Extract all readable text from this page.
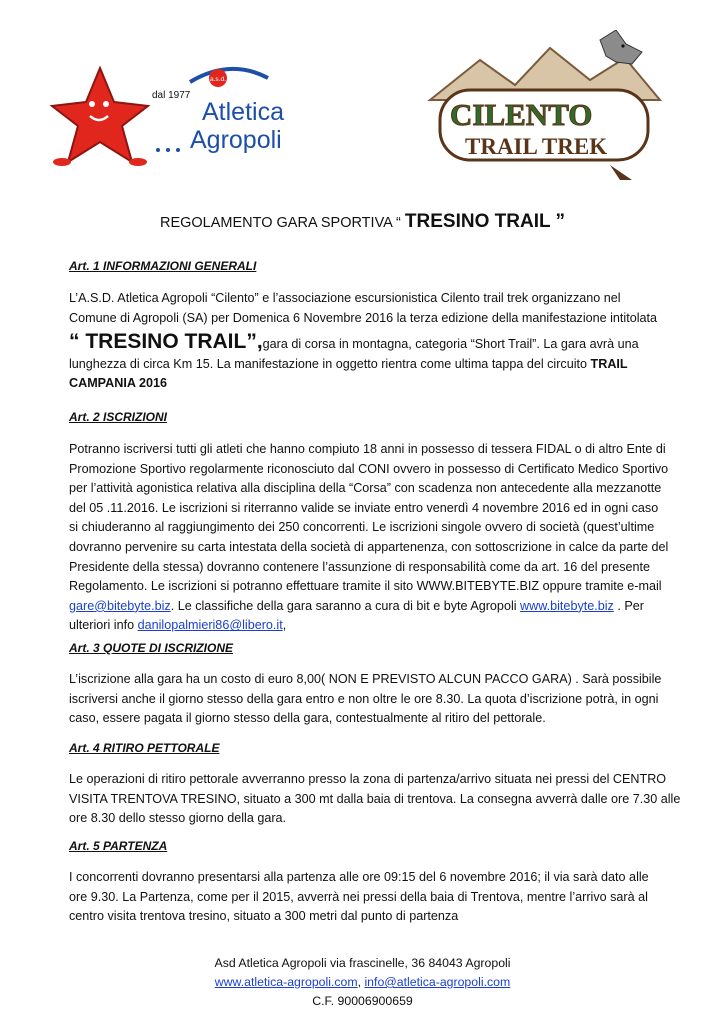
a.s.d.
dal 1977
Atletica
Agropoli
CILENTO
TRAIL TREK
REGOLAMENTO GARA SPORTIVA “ TRESINO TRAIL ”
Art. 1 INFORMAZIONI GENERALI
L’A.S.D. Atletica Agropoli “Cilento” e l’associazione escursionistica Cilento trail trek organizzano nel
Comune di Agropoli (SA) per Domenica 6 Novembre 2016 la terza edizione della manifestazione intitolata
“ TRESINO TRAIL”,gara di corsa in montagna, categoria “Short Trail”. La gara avrà una
lunghezza di circa Km 15. La manifestazione in oggetto rientra come ultima tappa del circuito TRAIL
CAMPANIA 2016
Art. 2 ISCRIZIONI
Potranno iscriversi tutti gli atleti che hanno compiuto 18 anni in possesso di tessera FIDAL o di altro Ente di
Promozione Sportivo regolarmente riconosciuto dal CONI ovvero in possesso di Certificato Medico Sportivo
per l’attività agonistica relativa alla disciplina della “Corsa” con scadenza non antecedente alla mezzanotte
del 05 .11.2016. Le iscrizioni si riterranno valide se inviate entro venerdì 4 novembre 2016 ed in ogni caso
si chiuderanno al raggiungimento dei 250 concorrenti. Le iscrizioni singole ovvero di società (quest’ultime
dovranno pervenire su carta intestata della società di appartenenza, con sottoscrizione in calce da parte del
Presidente della stessa) dovranno contenere l’assunzione di responsabilità come da art. 16 del presente
Regolamento. Le iscrizioni si potranno effettuare tramite il sito WWW.BITEBYTE.BIZ oppure tramite e-mail
gare@bitebyte.biz. Le classifiche della gara saranno a cura di bit e byte Agropoli www.bitebyte.biz . Per
ulteriori info danilopalmieri86@libero.it,
Art. 3 QUOTE DI ISCRIZIONE
L’iscrizione alla gara ha un costo di euro 8,00( NON E PREVISTO ALCUN PACCO GARA) . Sarà possibile
iscriversi anche il giorno stesso della gara entro e non oltre le ore 8.30. La quota d’iscrizione potrà, in ogni
caso, essere pagata il giorno stesso della gara, contestualmente al ritiro del pettorale.
Art. 4 RITIRO PETTORALE
Le operazioni di ritiro pettorale avverranno presso la zona di partenza/arrivo situata nei pressi del CENTRO
VISITA TRENTOVA TRESINO, situato a 300 mt dalla baia di trentova. La consegna avverrà dalle ore 7.30 alle
ore 8.30 dello stesso giorno della gara.
Art. 5 PARTENZA
I concorrenti dovranno presentarsi alla partenza alle ore 09:15 del 6 novembre 2016; il via sarà dato alle
ore 9.30. La Partenza, come per il 2015, avverrà nei pressi della baia di Trentova, mentre l’arrivo sarà al
centro visita trentova tresino, situato a 300 metri dal punto di partenza
Asd Atletica Agropoli via frascinelle, 36 84043 Agropoli
www.atletica-agropoli.com, info@atletica-agropoli.com
C.F. 90006900659
